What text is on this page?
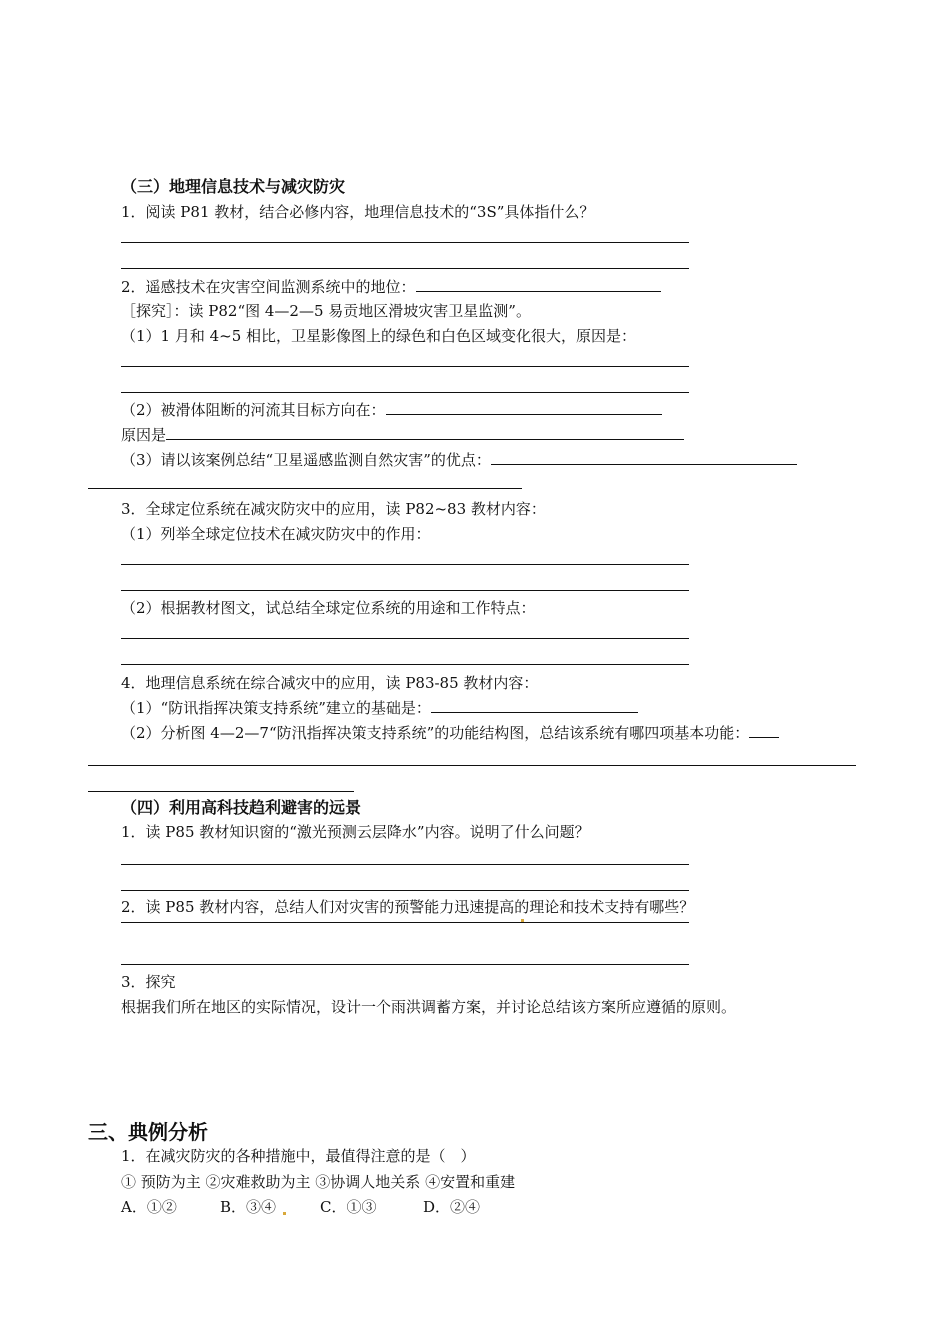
（三）地理信息技术与减灾防灾
1．阅读 P81 教材，结合必修内容，地理信息技术的“3S”具体指什么？
2．遥感技术在灾害空间监测系统中的地位：
［探究］：读 P82“图 4—2—5 易贡地区滑坡灾害卫星监测”。
（1）1 月和 4~5 相比，卫星影像图上的绿色和白色区域变化很大，原因是：
（2）被滑体阻断的河流其目标方向在：
原因是
（3）请以该案例总结“卫星遥感监测自然灾害”的优点：
3．全球定位系统在减灾防灾中的应用，读 P82~83 教材内容：
（1）列举全球定位技术在减灾防灾中的作用：
（2）根据教材图文，试总结全球定位系统的用途和工作特点：
4．地理信息系统在综合减灾中的应用，读 P83-85 教材内容：
（1）“防讯指挥决策支持系统”建立的基础是：
（2）分析图 4—2—7“防汛指挥决策支持系统”的功能结构图，总结该系统有哪四项基本功能：
（四）利用高科技趋利避害的远景
1．读 P85 教材知识窗的“激光预测云层降水”内容。说明了什么问题？
2．读 P85 教材内容，总结人们对灾害的预警能力迅速提高的理论和技术支持有哪些？
3．探究
根据我们所在地区的实际情况，设计一个雨洪调蓄方案，并讨论总结该方案所应遵循的原则。
三、典例分析
1．在减灾防灾的各种措施中，最值得注意的是（　）
① 预防为主 ②灾难救助为主 ③协调人地关系 ④安置和重建
A．①②	B．③④	C．①③	D．②④
